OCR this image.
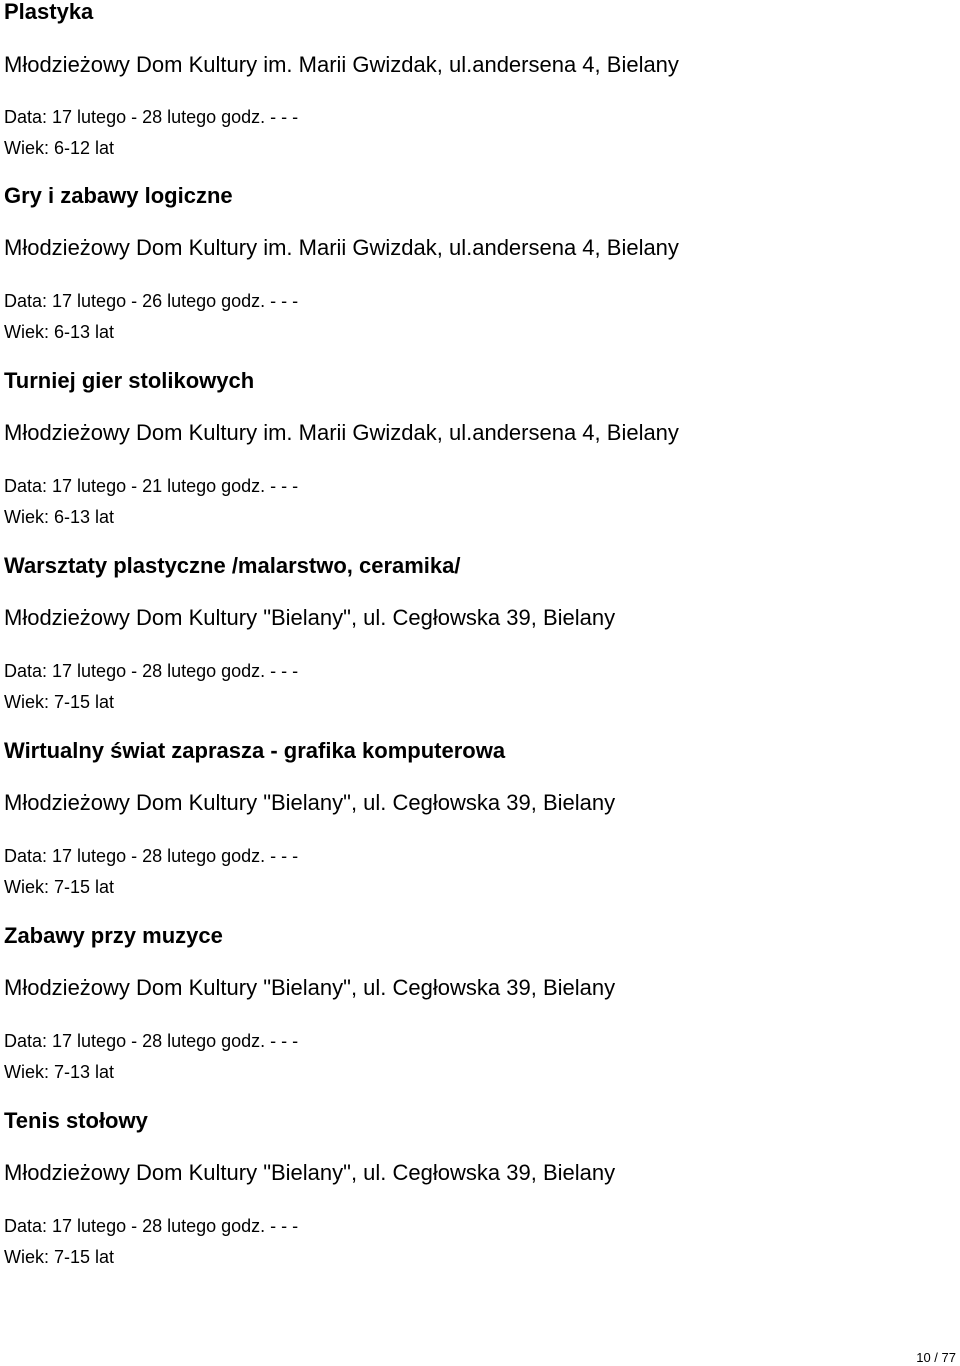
Plastyka
Młodzieżowy Dom Kultury im. Marii Gwizdak, ul.andersena 4, Bielany
Data: 17 lutego - 28 lutego godz. - - -
Wiek: 6-12 lat
Gry i zabawy logiczne
Młodzieżowy Dom Kultury im. Marii Gwizdak, ul.andersena 4, Bielany
Data: 17 lutego - 26 lutego godz. - - -
Wiek: 6-13 lat
Turniej gier stolikowych
Młodzieżowy Dom Kultury im. Marii Gwizdak, ul.andersena 4, Bielany
Data: 17 lutego - 21 lutego godz. - - -
Wiek: 6-13 lat
Warsztaty plastyczne /malarstwo, ceramika/
Młodzieżowy Dom Kultury "Bielany", ul. Cegłowska 39, Bielany
Data: 17 lutego - 28 lutego godz. - - -
Wiek: 7-15 lat
Wirtualny świat zaprasza - grafika komputerowa
Młodzieżowy Dom Kultury "Bielany", ul. Cegłowska 39, Bielany
Data: 17 lutego - 28 lutego godz. - - -
Wiek: 7-15 lat
Zabawy przy muzyce
Młodzieżowy Dom Kultury "Bielany", ul. Cegłowska 39, Bielany
Data: 17 lutego - 28 lutego godz. - - -
Wiek: 7-13 lat
Tenis stołowy
Młodzieżowy Dom Kultury "Bielany", ul. Cegłowska 39, Bielany
Data: 17 lutego - 28 lutego godz. - - -
Wiek: 7-15 lat
10 / 77
